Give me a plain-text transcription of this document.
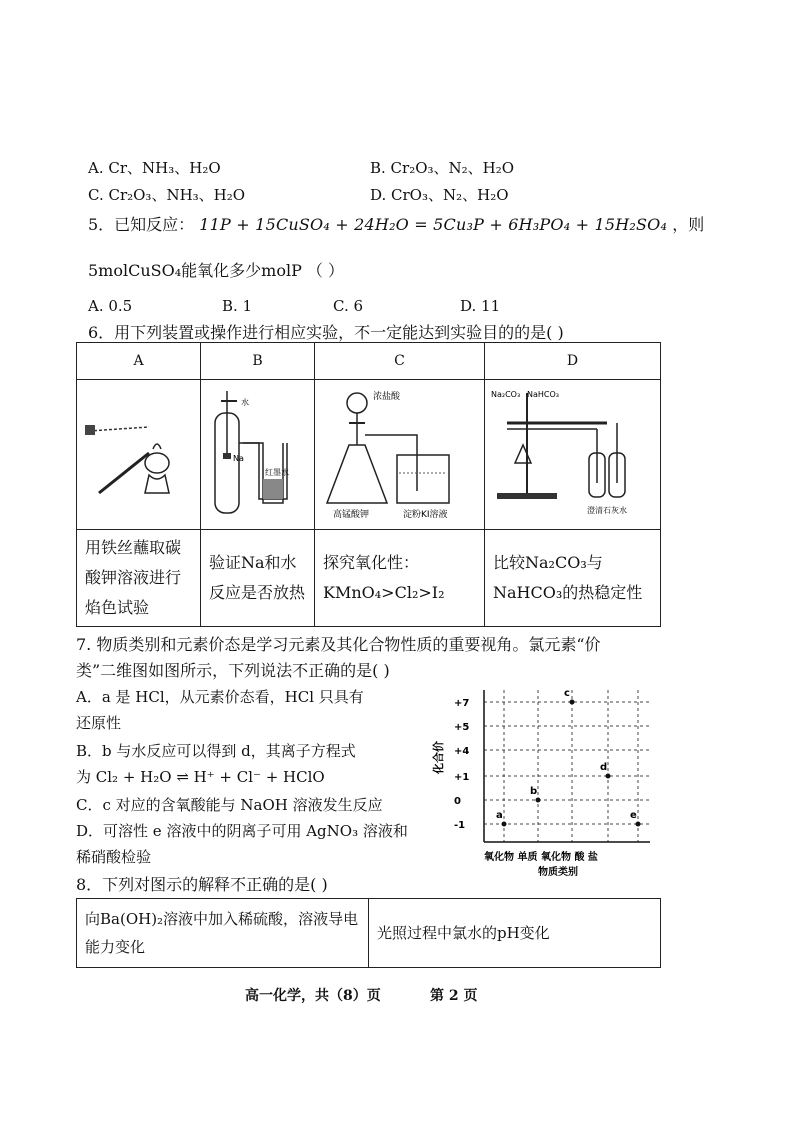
A. Cr、NH₃、H₂O	B. Cr₂O₃、N₂、H₂O
C. Cr₂O₃、NH₃、H₂O	D. CrO₃、N₂、H₂O
5．已知反应： 11P + 15CuSO₄ + 24H₂O = 5Cu₃P + 6H₃PO₄ + 15H₂SO₄ ，则
5molCuSO₄能氧化多少molP （ ）
A. 0.5	B. 1	C. 6	D. 11
6．用下列装置或操作进行相应实验，不一定能达到实验目的的是( )
A	B	C	D

水
Na
红墨水	浓盐酸
高锰酸钾 淀粉KI溶液	Na₂CO₃ NaHCO₃
澄清石灰水

用铁丝蘸取碳酸钾溶液进行焰色试验	验证Na和水反应是否放热	探究氧化性：KMnO₄>Cl₂>I₂	比较Na₂CO₃与NaHCO₃的热稳定性
7. 物质类别和元素价态是学习元素及其化合物性质的重要视角。氯元素“价
类”二维图如图所示，下列说法不正确的是( )
A．a 是 HCl，从元素价态看，HCl 只具有
还原性
B．b 与水反应可以得到 d，其离子方程式
为 Cl₂ + H₂O ⇌ H⁺ + Cl⁻ + HClO
C．c 对应的含氧酸能与 NaOH 溶液发生反应
D．可溶性 e 溶液中的阴离子可用 AgNO₃ 溶液和
稀硝酸检验
化合价
+7
+5
+4
+1
0
-1
a
b
c
d
e
氧化物 单质 氧化物 酸 盐
物质类别
8．下列对图示的解释不正确的是( )
向Ba(OH)₂溶液中加入稀硫酸，溶液导电能力变化	光照过程中氯水的pH变化
高一化学，共（8）页	第 2 页
